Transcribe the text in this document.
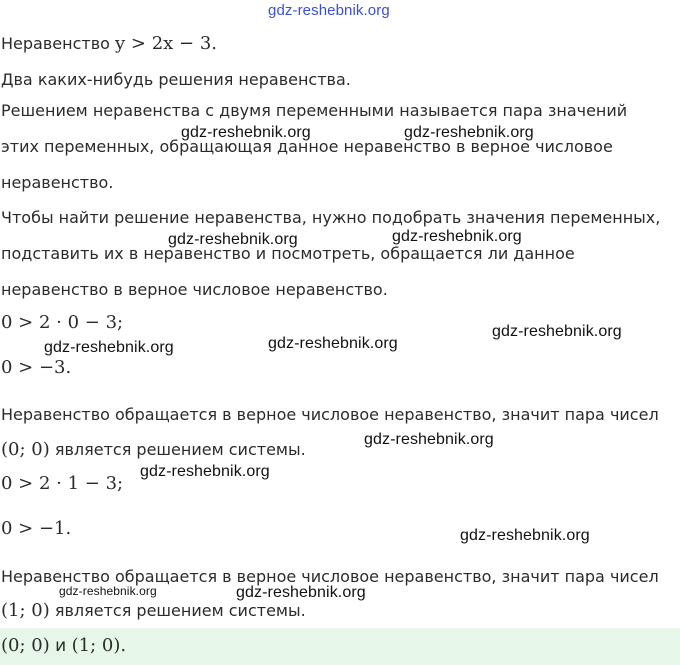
Неравенство y > 2x − 3.
Два каких-нибудь решения неравенства.
Решением неравенства с двумя переменными называется пара значений
этих переменных, обращающая данное неравенство в верное числовое
неравенство.
Чтобы найти решение неравенства, нужно подобрать значения переменных,
подставить их в неравенство и посмотреть, обращается ли данное
неравенство в верное числовое неравенство.
0 > 2 · 0 − 3;
0 > −3.
Неравенство обращается в верное числовое неравенство, значит пара чисел
(0; 0) является решением системы.
0 > 2 · 1 − 3;
0 > −1.
Неравенство обращается в верное числовое неравенство, значит пара чисел
(1; 0) является решением системы.
(0; 0) и (1; 0).
gdz-reshebnik.org
gdz-reshebnik.org	gdz-reshebnik.org
gdz-reshebnik.org	gdz-reshebnik.org
gdz-reshebnik.org
gdz-reshebnik.org
gdz-reshebnik.org
gdz-reshebnik.org
gdz-reshebnik.org
gdz-reshebnik.org
gdz-reshebnik.org	gdz-reshebnik.org
